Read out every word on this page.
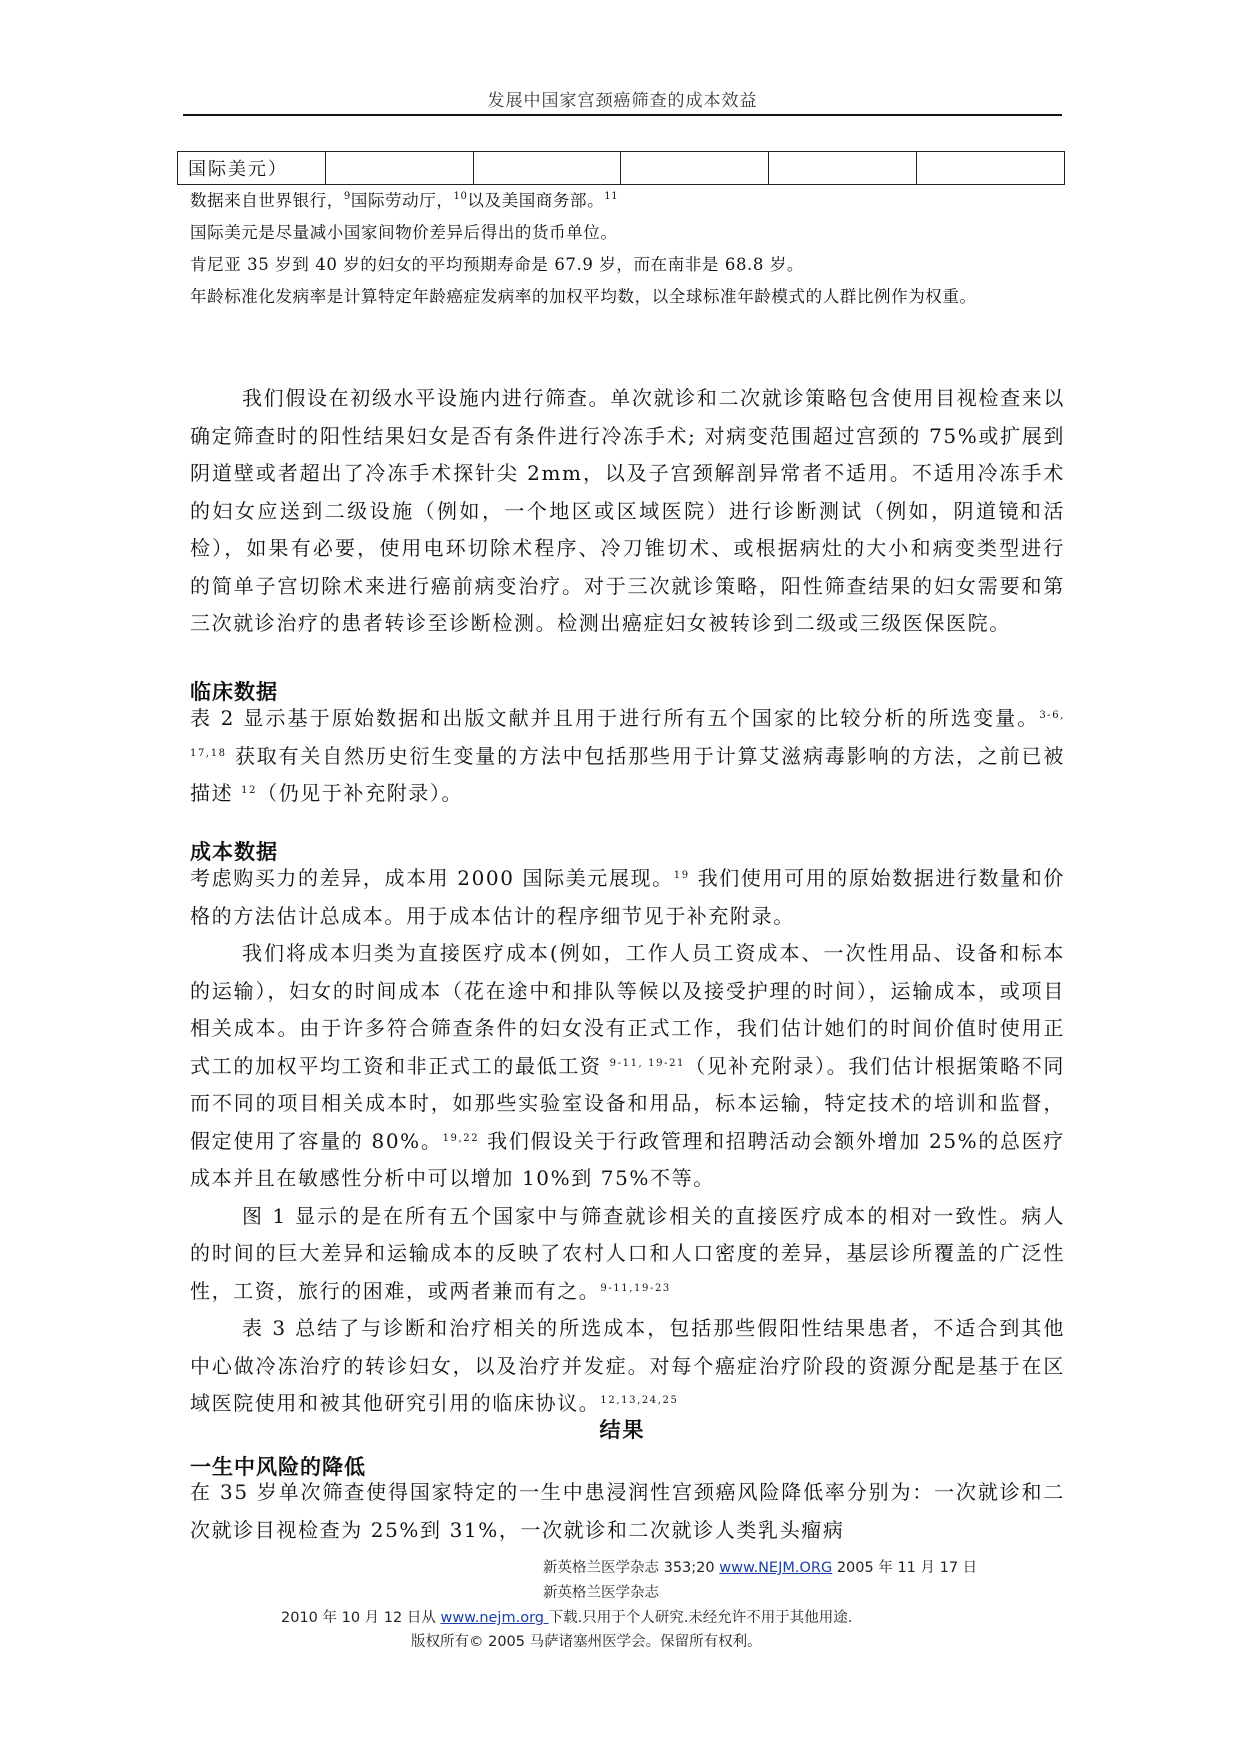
发展中国家宫颈癌筛查的成本效益
国际美元）					
数据来自世界银行，$^9$国际劳动厅，$^{10}$以及美国商务部。$^{11}$
国际美元是尽量减小国家间物价差异后得出的货币单位。
肯尼亚 35 岁到 40 岁的妇女的平均预期寿命是 67.9 岁，而在南非是 68.8 岁。
年龄标准化发病率是计算特定年龄癌症发病率的加权平均数，以全球标准年龄模式的人群比例作为权重。

我们假设在初级水平设施内进行筛查。单次就诊和二次就诊策略包含使用目视检查来以确定筛查时的阳性结果妇女是否有条件进行冷冻手术; 对病变范围超过宫颈的 75%或扩展到阴道壁或者超出了冷冻手术探针尖 2mm，以及子宫颈解剖异常者不适用。不适用冷冻手术的妇女应送到二级设施（例如，一个地区或区域医院）进行诊断测试（例如，阴道镜和活检），如果有必要，使用电环切除术程序、冷刀锥切术、或根据病灶的大小和病变类型进行的简单子宫切除术来进行癌前病变治疗。对于三次就诊策略，阳性筛查结果的妇女需要和第三次就诊治疗的患者转诊至诊断检测。检测出癌症妇女被转诊到二级或三级医保医院。

临床数据

表 2 显示基于原始数据和出版文献并且用于进行所有五个国家的比较分析的所选变量。$^{3-6, 17,18}$ 获取有关自然历史衍生变量的方法中包括那些用于计算艾滋病毒影响的方法，之前已被描述 $^{12}$（仍见于补充附录）。

成本数据

考虑购买力的差异，成本用 2000 国际美元展现。$^{19}$ 我们使用可用的原始数据进行数量和价格的方法估计总成本。用于成本估计的程序细节见于补充附录。

我们将成本归类为直接医疗成本(例如，工作人员工资成本、一次性用品、设备和标本的运输），妇女的时间成本（花在途中和排队等候以及接受护理的时间），运输成本，或项目相关成本。由于许多符合筛查条件的妇女没有正式工作，我们估计她们的时间价值时使用正式工的加权平均工资和非正式工的最低工资 $^{9-11, 19-21}$（见补充附录）。我们估计根据策略不同而不同的项目相关成本时，如那些实验室设备和用品，标本运输，特定技术的培训和监督，假定使用了容量的 80%。$^{19,22}$ 我们假设关于行政管理和招聘活动会额外增加 25%的总医疗成本并且在敏感性分析中可以增加 10%到 75%不等。

图 1 显示的是在所有五个国家中与筛查就诊相关的直接医疗成本的相对一致性。病人的时间的巨大差异和运输成本的反映了农村人口和人口密度的差异，基层诊所覆盖的广泛性性，工资，旅行的困难，或两者兼而有之。$^{9-11,19-23}$

表 3 总结了与诊断和治疗相关的所选成本，包括那些假阳性结果患者，不适合到其他中心做冷冻治疗的转诊妇女，以及治疗并发症。对每个癌症治疗阶段的资源分配是基于在区域医院使用和被其他研究引用的临床协议。$^{12,13,24,25}$

结果
一生中风险的降低

在 35 岁单次筛查使得国家特定的一生中患浸润性宫颈癌风险降低率分别为：一次就诊和二次就诊目视检查为 25%到 31%，一次就诊和二次就诊人类乳头瘤病

新英格兰医学杂志 353;20 www.NEJM.ORG 2005 年 11 月 17 日
新英格兰医学杂志
2010 年 10 月 12 日从 www.nejm.org 下载.只用于个人研究.未经允许不用于其他用途.
版权所有© 2005 马萨诸塞州医学会。保留所有权利。
